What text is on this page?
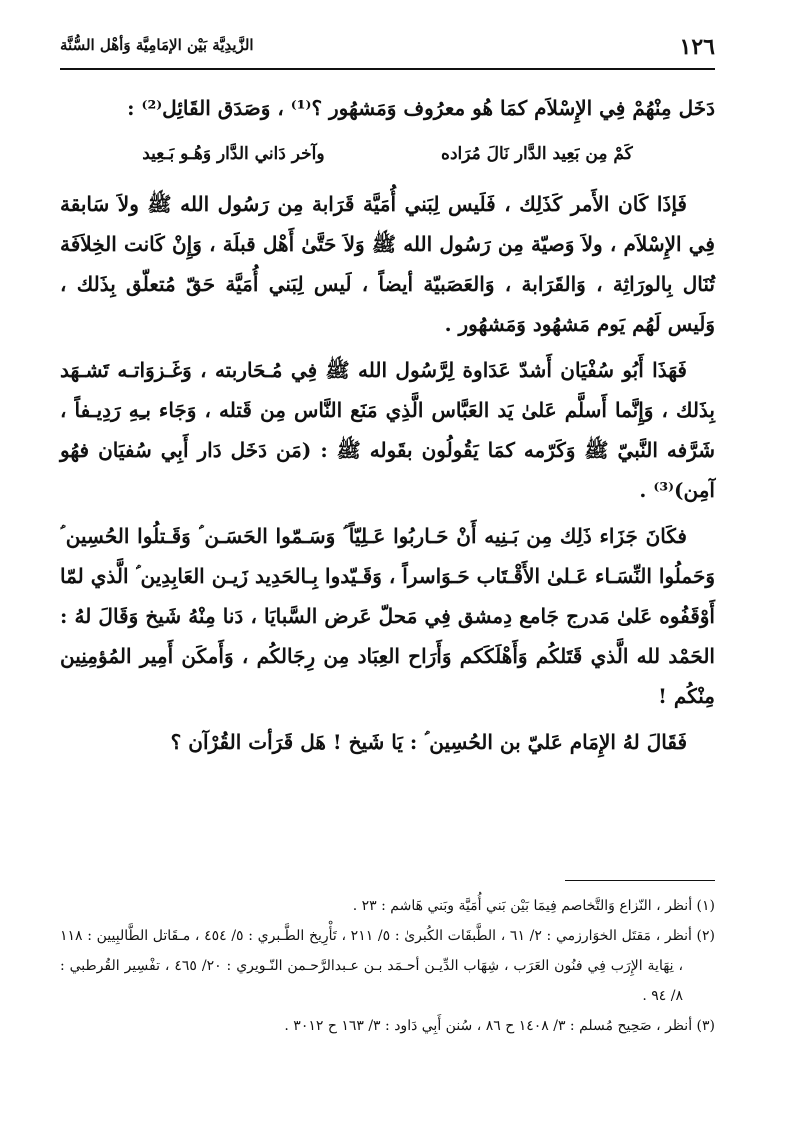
١٢٦
الزَّيدِيَّة بَيْن الإمَامِيَّة وَأهْل السُّنَّة

دَخَل مِنْهُمْ فِي الإِسْلاَم كمَا هُو معرُوف وَمَشهُور ؟⁽¹⁾ ، وَصَدَق القَائِل⁽²⁾ :

كَمْ مِن بَعِيد الدَّار نَالَ مُرَاده
وآخر دَاني الدَّار وَهُـو بَـعِيد

فَإذَا كَان الأَمر كَذَلِك ، فَلَيس لِبَني أُمَيَّة قَرَابة مِن رَسُول الله ﷺ ولاَ سَابقة فِي الإِسْلاَم ، ولاَ وَصيّة مِن رَسُول الله ﷺ وَلاَ حَتَّىٰ أَهْل قبلَة ، وَإِنْ كَانت الخِلاَفَة تُنَال بِالورَاثِة ، وَالقَرَابة ، وَالعَصَبيّة أيضاً ، لَيس لِبَني أُمَيَّة حَقّ مُتعلّق بِذَلك ، وَلَيس لَهُم يَوم مَشهُود وَمَشهُور .

فَهَذَا أَبُو سُفْيَان أَشدّ عَدَاوة لِرَّسُول الله ﷺ فِي مُـحَاربته ، وَغَـزوَاتـه تَشـهَد بِذَلك ، وَإِنَّما أَسلَّم عَلىٰ يَد العَبَّاس الَّذِي مَنَع النَّاس مِن قَتله ، وَجَاء بـِهِ رَدِيـفاً ، شَرَّفه النَّبيّ ﷺ وَكَرّمه كمَا يَقُولُون بقَوله ﷺ : (مَن دَخَل دَار أَبِي سُفيَان فهُو آمِن)⁽³⁾ .

فكَانَ جَزَاء ذَلِك مِن بَـنِيه أَنْ حَـاربُوا عَـلِيّاً ؑ وَسَـمّوا الحَسَـن ؑ وَقَـتلُوا الحُسِين ؑ وَحَملُوا النِّسَـاء عَـلىٰ الأَقْـتَاب حَـوَاسراً ، وَقَـيّدوا بِـالحَدِيد زَيـن العَابِدِين ؑ الَّذي لمّا أَوْقَفُوه عَلىٰ مَدرج جَامع دِمشق فِي مَحلّ عَرض السَّبايَا ، دَنا مِنْهُ شَيخ وَقَالَ لهُ : الحَمْد لله الَّذي قَتَلكُم وَأَهْلَكَكم وَأَرَاح العِبَاد مِن رِجَالكُم ، وَأَمكَن أَمِير المُؤمِنِين مِنْكُم !

فَقَالَ لهُ الإِمَام عَليّ بن الحُسِين ؑ : يَا شَيخ ! هَل قَرَأت القُرْآن ؟

(١) أنظر ، النّزاع وَالتَّخاصم فِيمَا بَيْن بَني أُمَيَّة وبَني هَاشم : ٢٣ .

(٢) أنظر ، مَقتَل الخوَارزمي : ٢/ ٦١ ، الطَّبقَات الكُبرىٰ : ٥/ ٢١١ ، تَأْرِيخ الطَّـبري : ٥/ ٤٥٤ ، مـقَاتل الطَّالبِيين : ١١٨ ، نِهَاية الإِرَب فِي فنُون العَرَب ، شِهَاب الدِّيـن أحـمَد بـن عـبدالرَّحـمن النّـويري : ٢٠/ ٤٦٥ ، تفْسِير القُرطبي : ٨/ ٩٤ .

(٣) أنظر ، صَحِيح مُسلم : ٣/ ١٤٠٨ ح ٨٦ ، سُنن أَبِي دَاود : ٣/ ١٦٣ ح ٣٠١٢ .
